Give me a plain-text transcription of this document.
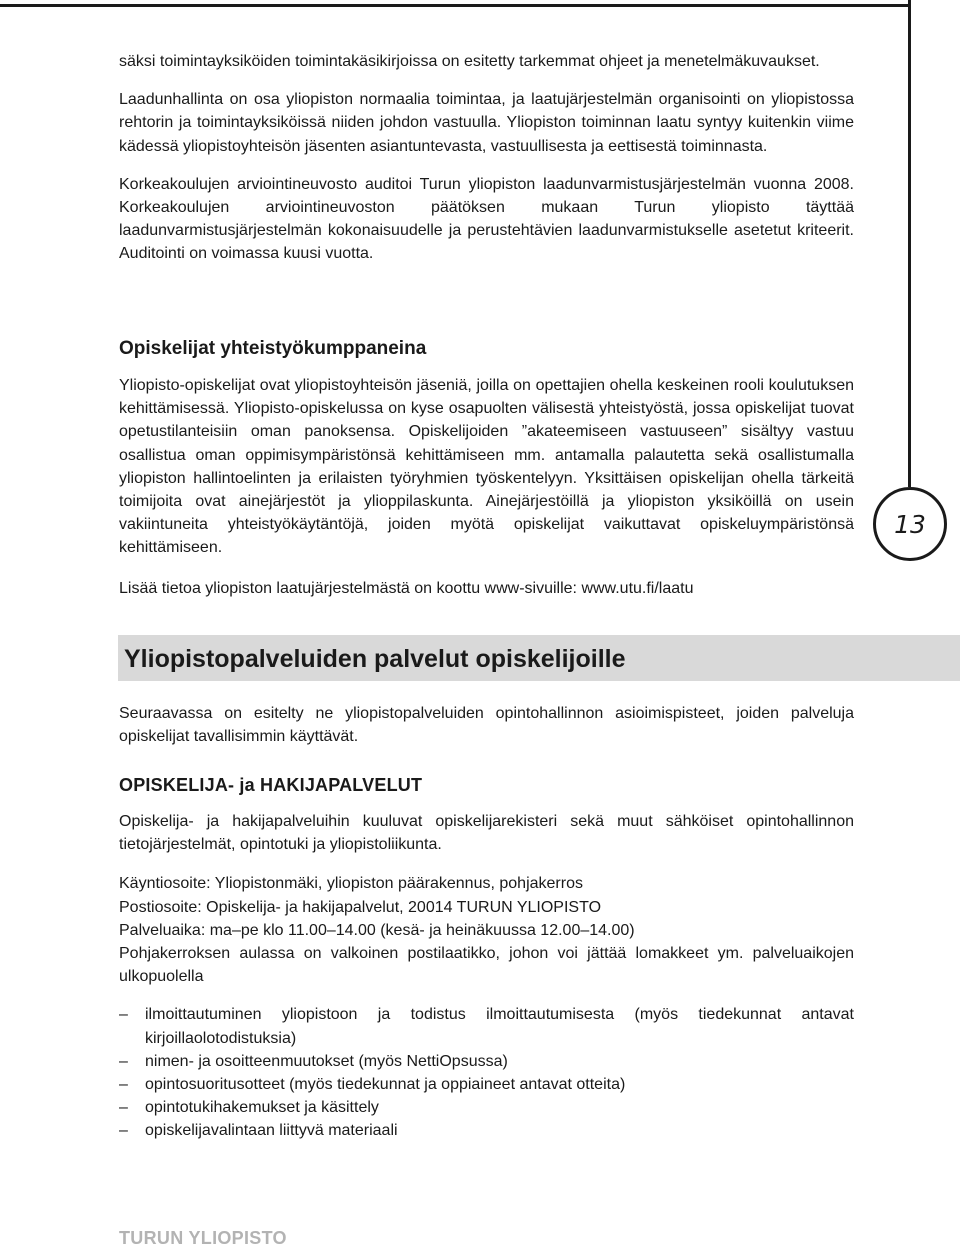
13

säksi toimintayksiköiden toimintakäsikirjoissa on esitetty tarkemmat ohjeet ja menetelmäkuvaukset.

Laadunhallinta on osa yliopiston normaalia toimintaa, ja laatujärjestelmän organisointi on yliopistossa rehtorin ja toimintayksiköissä niiden johdon vastuulla. Yliopiston toiminnan laatu syntyy kuitenkin viime kädessä yliopistoyhteisön jäsenten asiantuntevasta, vastuullisesta ja eettisestä toiminnasta.

Korkeakoulujen arviointineuvosto auditoi Turun yliopiston laadunvarmistusjärjestelmän vuonna 2008. Korkeakoulujen arviointineuvoston päätöksen mukaan Turun yliopisto täyttää laadunvarmistusjärjestelmän kokonaisuudelle ja perustehtävien laadunvarmistukselle asetetut kriteerit. Auditointi on voimassa kuusi vuotta.

Opiskelijat yhteistyökumppaneina

Yliopisto-opiskelijat ovat yliopistoyhteisön jäseniä, joilla on opettajien ohella keskeinen rooli koulutuksen kehittämisessä. Yliopisto-opiskelussa on kyse osapuolten välisestä yhteistyöstä, jossa opiskelijat tuovat opetustilanteisiin oman panoksensa. Opiskelijoiden ”akateemiseen vastuuseen” sisältyy vastuu osallistua oman oppimisympäristönsä kehittämiseen mm. antamalla palautetta sekä osallistumalla yliopiston hallintoelinten ja erilaisten työryhmien työskentelyyn. Yksittäisen opiskelijan ohella tärkeitä toimijoita ovat ainejärjestöt ja ylioppilaskunta. Ainejärjestöillä ja yliopiston yksiköillä on usein vakiintuneita yhteistyökäytäntöjä, joiden myötä opiskelijat vaikuttavat opiskeluympäristönsä kehittämiseen.

Lisää tietoa yliopiston laatujärjestelmästä on koottu www-sivuille: www.utu.fi/laatu

Yliopistopalveluiden palvelut opiskelijoille

Seuraavassa on esitelty ne yliopistopalveluiden opintohallinnon asioimispisteet, joiden palveluja opiskelijat tavallisimmin käyttävät.

OPISKELIJA- ja HAKIJAPALVELUT

Opiskelija- ja hakijapalveluihin kuuluvat opiskelijarekisteri sekä muut sähköiset opintohallinnon tietojärjestelmät, opintotuki ja yliopistoliikunta.

Käyntiosoite: Yliopistonmäki, yliopiston päärakennus, pohjakerros

Postiosoite: Opiskelija- ja hakijapalvelut, 20014 TURUN YLIOPISTO

Palveluaika: ma–pe klo 11.00–14.00 (kesä- ja heinäkuussa 12.00–14.00)

Pohjakerroksen aulassa on valkoinen postilaatikko, johon voi jättää lomakkeet ym. palveluaikojen ulkopuolella

– ilmoittautuminen yliopistoon ja todistus ilmoittautumisesta (myös tiedekunnat antavat kirjoillaolotodistuksia)
– nimen- ja osoitteenmuutokset (myös NettiOpsussa)
– opintosuoritusotteet (myös tiedekunnat ja oppiaineet antavat otteita)
– opintotukihakemukset ja käsittely
– opiskelijavalintaan liittyvä materiaali
TURUN YLIOPISTO
